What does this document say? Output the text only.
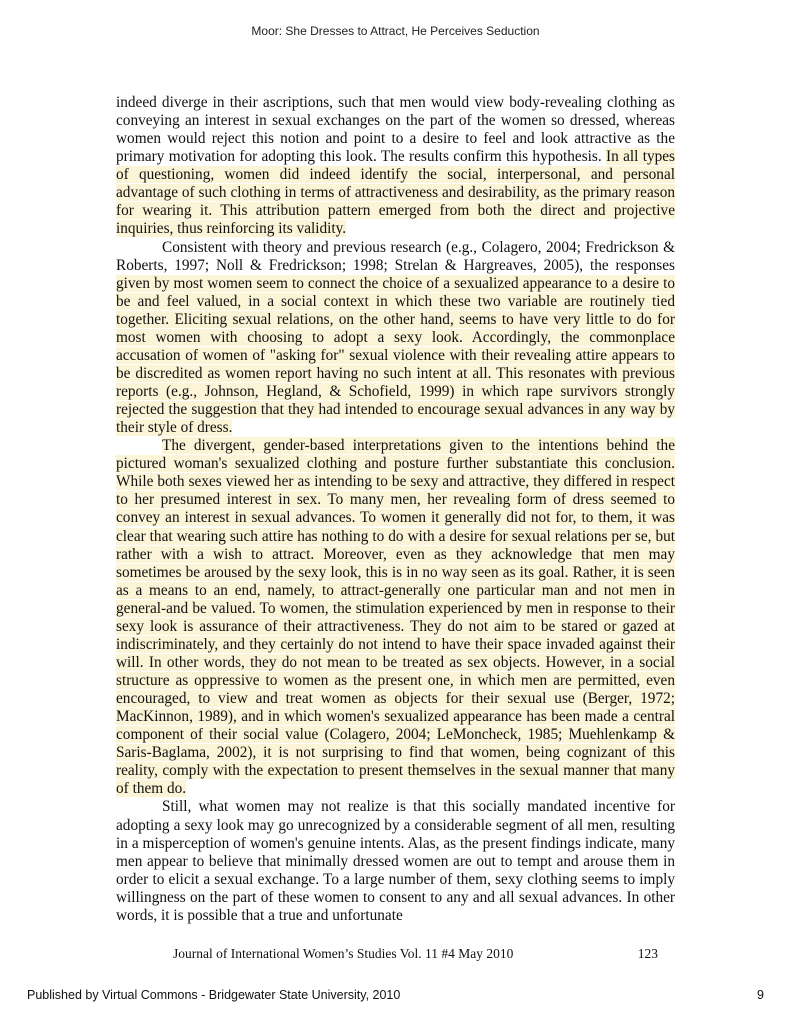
Moor: She Dresses to Attract, He Perceives Seduction

indeed diverge in their ascriptions, such that men would view body-revealing clothing as conveying an interest in sexual exchanges on the part of the women so dressed, whereas women would reject this notion and point to a desire to feel and look attractive as the primary motivation for adopting this look. The results confirm this hypothesis. In all types of questioning, women did indeed identify the social, interpersonal, and personal advantage of such clothing in terms of attractiveness and desirability, as the primary reason for wearing it. This attribution pattern emerged from both the direct and projective inquiries, thus reinforcing its validity.

Consistent with theory and previous research (e.g., Colagero, 2004; Fredrickson & Roberts, 1997; Noll & Fredrickson; 1998; Strelan & Hargreaves, 2005), the responses given by most women seem to connect the choice of a sexualized appearance to a desire to be and feel valued, in a social context in which these two variable are routinely tied together. Eliciting sexual relations, on the other hand, seems to have very little to do for most women with choosing to adopt a sexy look. Accordingly, the commonplace accusation of women of "asking for" sexual violence with their revealing attire appears to be discredited as women report having no such intent at all. This resonates with previous reports (e.g., Johnson, Hegland, & Schofield, 1999) in which rape survivors strongly rejected the suggestion that they had intended to encourage sexual advances in any way by their style of dress.

The divergent, gender-based interpretations given to the intentions behind the pictured woman's sexualized clothing and posture further substantiate this conclusion. While both sexes viewed her as intending to be sexy and attractive, they differed in respect to her presumed interest in sex. To many men, her revealing form of dress seemed to convey an interest in sexual advances. To women it generally did not for, to them, it was clear that wearing such attire has nothing to do with a desire for sexual relations per se, but rather with a wish to attract. Moreover, even as they acknowledge that men may sometimes be aroused by the sexy look, this is in no way seen as its goal. Rather, it is seen as a means to an end, namely, to attract-generally one particular man and not men in general-and be valued. To women, the stimulation experienced by men in response to their sexy look is assurance of their attractiveness. They do not aim to be stared or gazed at indiscriminately, and they certainly do not intend to have their space invaded against their will. In other words, they do not mean to be treated as sex objects. However, in a social structure as oppressive to women as the present one, in which men are permitted, even encouraged, to view and treat women as objects for their sexual use (Berger, 1972; MacKinnon, 1989), and in which women's sexualized appearance has been made a central component of their social value (Colagero, 2004; LeMoncheck, 1985; Muehlenkamp & Saris-Baglama, 2002), it is not surprising to find that women, being cognizant of this reality, comply with the expectation to present themselves in the sexual manner that many of them do.

Still, what women may not realize is that this socially mandated incentive for adopting a sexy look may go unrecognized by a considerable segment of all men, resulting in a misperception of women's genuine intents. Alas, as the present findings indicate, many men appear to believe that minimally dressed women are out to tempt and arouse them in order to elicit a sexual exchange. To a large number of them, sexy clothing seems to imply willingness on the part of these women to consent to any and all sexual advances. In other words, it is possible that a true and unfortunate

Journal of International Women’s Studies Vol. 11 #4 May 2010	123
Published by Virtual Commons - Bridgewater State University, 2010	9
